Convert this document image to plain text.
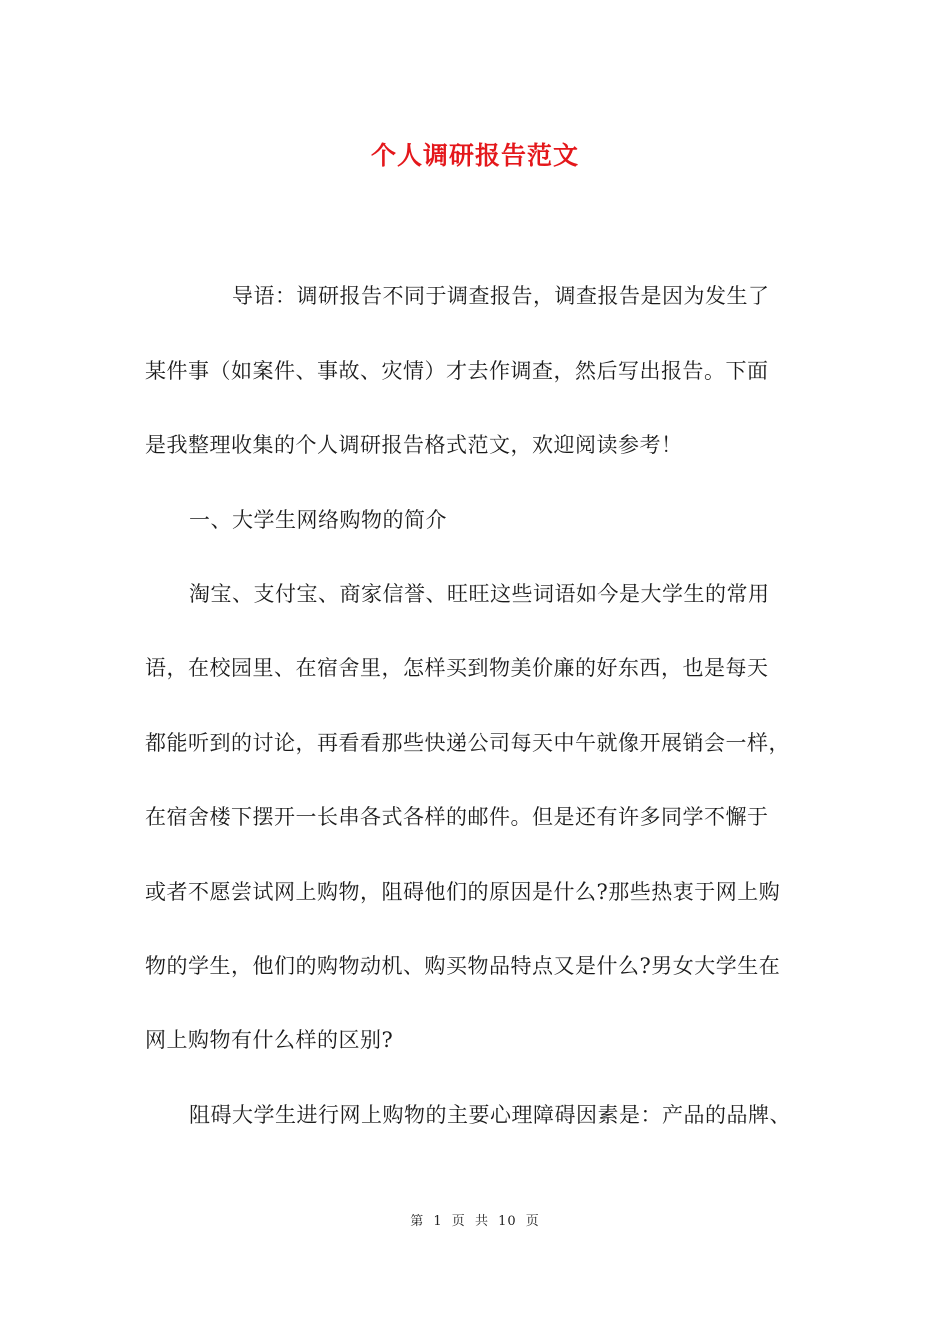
个人调研报告范文
导语：调研报告不同于调查报告，调查报告是因为发生了
某件事（如案件、事故、灾情）才去作调查，然后写出报告。下面
是我整理收集的个人调研报告格式范文，欢迎阅读参考！
一、大学生网络购物的简介
淘宝、支付宝、商家信誉、旺旺这些词语如今是大学生的常用
语，在校园里、在宿舍里，怎样买到物美价廉的好东西，也是每天
都能听到的讨论，再看看那些快递公司每天中午就像开展销会一样，
在宿舍楼下摆开一长串各式各样的邮件。但是还有许多同学不懈于
或者不愿尝试网上购物，阻碍他们的原因是什么?那些热衷于网上购
物的学生，他们的购物动机、购买物品特点又是什么?男女大学生在
网上购物有什么样的区别?
阻碍大学生进行网上购物的主要心理障碍因素是：产品的品牌、
第 1 页 共 10 页
